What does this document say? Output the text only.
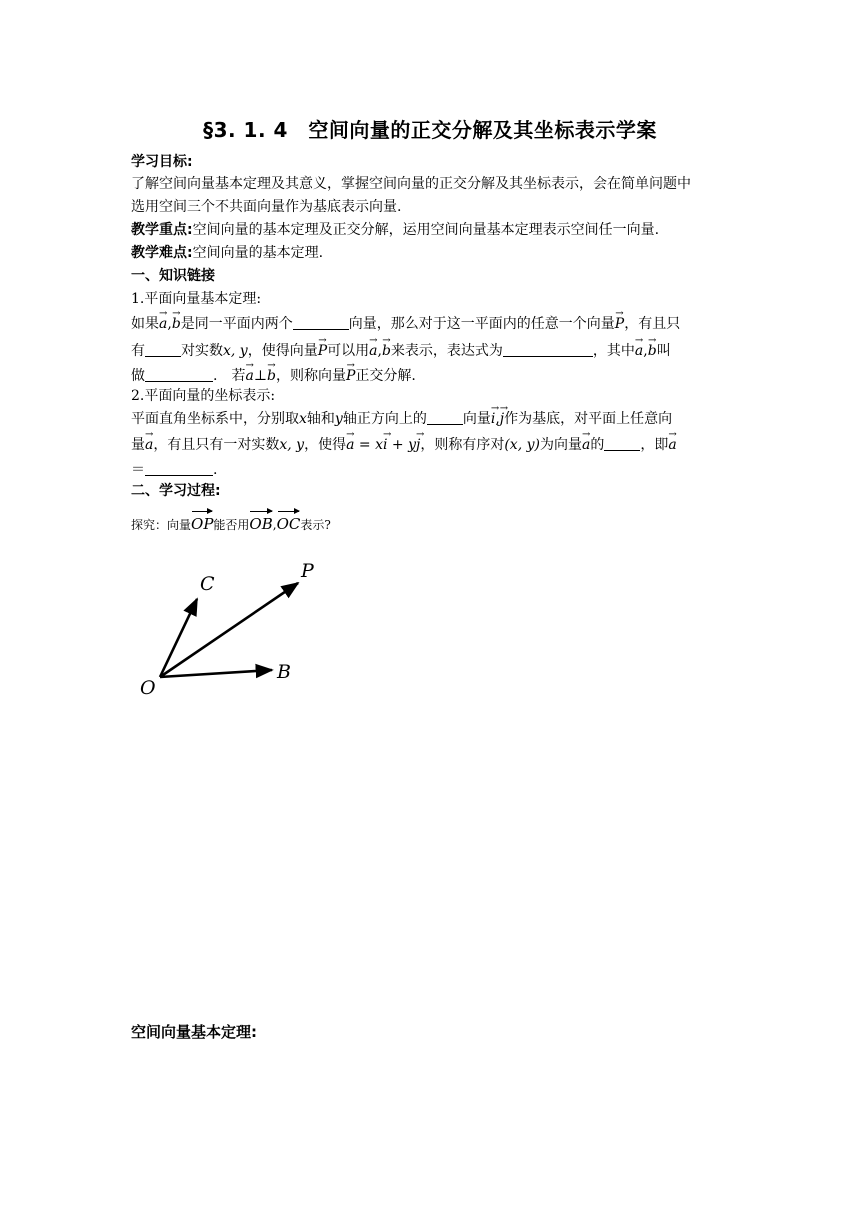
§3. 1. 4　空间向量的正交分解及其坐标表示学案
学习目标:
了解空间向量基本定理及其意义，掌握空间向量的正交分解及其坐标表示，会在简单问题中
选用空间三个不共面向量作为基底表示向量.
教学重点:空间向量的基本定理及正交分解，运用空间向量基本定理表示空间任一向量.
教学难点:空间向量的基本定理.
一、知识链接
1.平面向量基本定理:
如果→ a,→ b是同一平面内两个	向量，那么对于这一平面内的任意一个向量→ P，有且只
有	对实数x, y，使得向量→ P可以用→ a,→ b来表示，表达式为	，其中→ a,→ b叫
做	.　若→ a⊥→ b，则称向量→ P正交分解.
2.平面向量的坐标表示:
平面直角坐标系中，分别取x轴和y轴正方向上的	向量→ i,→ j作为基底，对平面上任意向
量→ a，有且只有一对实数x, y，使得→ a = x→ i + y→ j，则称有序对(x, y)为向量→ a的	，即→ a
＝	.
二、学习过程:
探究：向量OP能否用OB,OC表示?
O
B
C
P
空间向量基本定理:
